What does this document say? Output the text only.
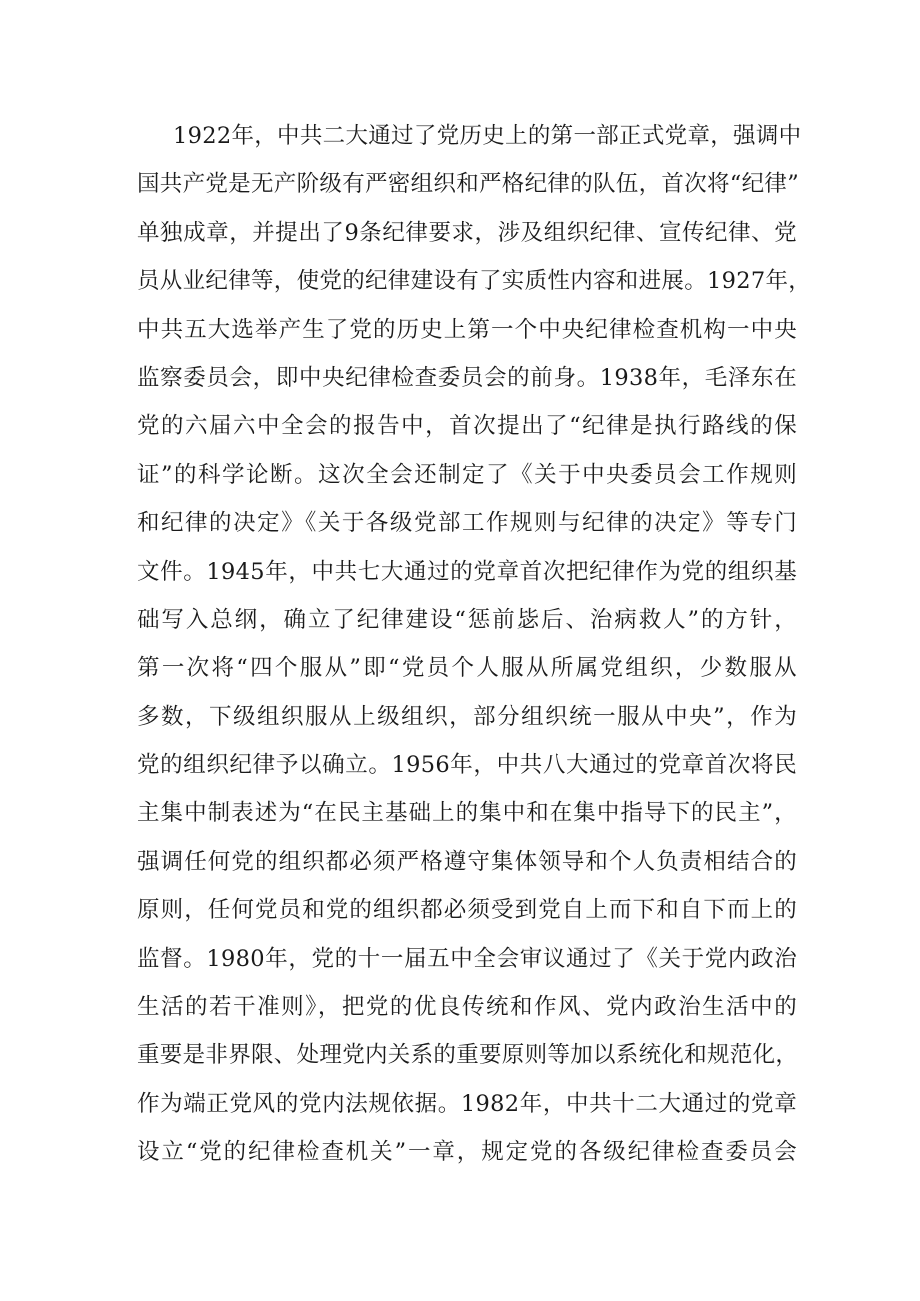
1922年，中共二大通过了党历史上的第一部正式党章，强调中
国共产党是无产阶级有严密组织和严格纪律的队伍，首次将“纪律”
单独成章，并提出了9条纪律要求，涉及组织纪律、宣传纪律、党
员从业纪律等，使党的纪律建设有了实质性内容和进展。1927年，
中共五大选举产生了党的历史上第一个中央纪律检查机构一中央
监察委员会，即中央纪律检查委员会的前身。1938年，毛泽东在
党的六届六中全会的报告中，首次提出了“纪律是执行路线的保
证”的科学论断。这次全会还制定了《关于中央委员会工作规则
和纪律的决定》《关于各级党部工作规则与纪律的决定》等专门
文件。1945年，中共七大通过的党章首次把纪律作为党的组织基
础写入总纲，确立了纪律建设“惩前毖后、治病救人”的方针，
第一次将“四个服从”即“党员个人服从所属党组织，少数服从
多数，下级组织服从上级组织，部分组织统一服从中央”，作为
党的组织纪律予以确立。1956年，中共八大通过的党章首次将民
主集中制表述为“在民主基础上的集中和在集中指导下的民主”，
强调任何党的组织都必须严格遵守集体领导和个人负责相结合的
原则，任何党员和党的组织都必须受到党自上而下和自下而上的
监督。1980年，党的十一届五中全会审议通过了《关于党内政治
生活的若干准则》，把党的优良传统和作风、党内政治生活中的
重要是非界限、处理党内关系的重要原则等加以系统化和规范化，
作为端正党风的党内法规依据。1982年，中共十二大通过的党章
设立“党的纪律检查机关”一章，规定党的各级纪律检查委员会
